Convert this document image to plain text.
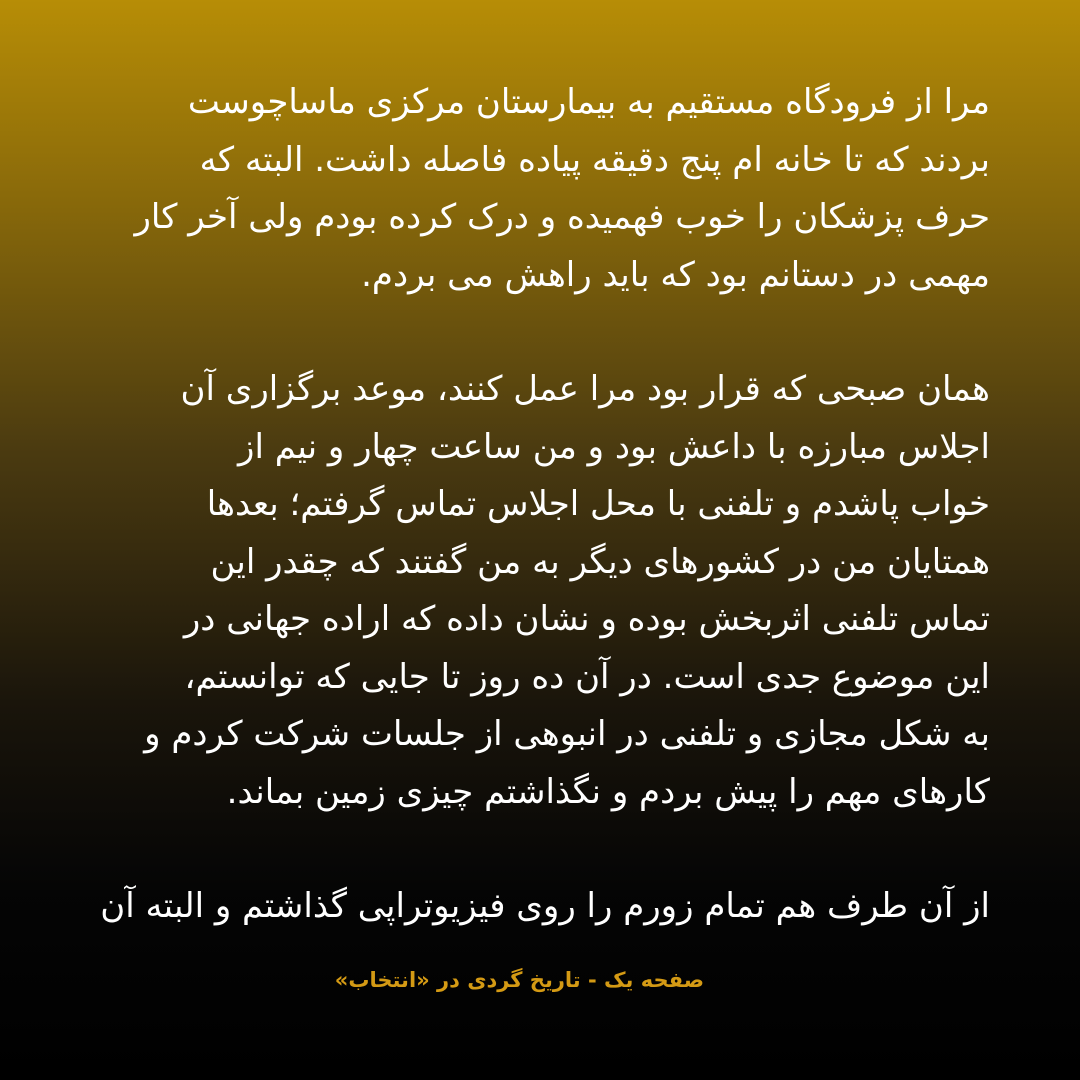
مرا از فرودگاه مستقیم به بیمارستان مرکزی ماساچوست
بردند که تا خانه ام پنج دقیقه پیاده فاصله داشت. البته که
حرف پزشکان را خوب فهمیده و درک کرده بودم ولی آخر کار
مهمی در دستانم بود که باید راهش می بردم.

همان صبحی که قرار بود مرا عمل کنند، موعد برگزاری آن
اجلاس مبارزه با داعش بود و من ساعت چهار و نیم از
خواب پاشدم و تلفنی با محل اجلاس تماس گرفتم؛ بعدها
همتایان من در کشورهای دیگر به من گفتند که چقدر این
تماس تلفنی اثربخش بوده و نشان داده که اراده جهانی در
این موضوع جدی است. در آن ده روز تا جایی که توانستم،
به شکل مجازی و تلفنی در انبوهی از جلسات شرکت کردم و
کارهای مهم را پیش بردم و نگذاشتم چیزی زمین بماند.

از آن طرف هم تمام زورم را روی فیزیوتراپی گذاشتم و البته آن

صفحه یک - تاریخ گردی در «انتخاب»
